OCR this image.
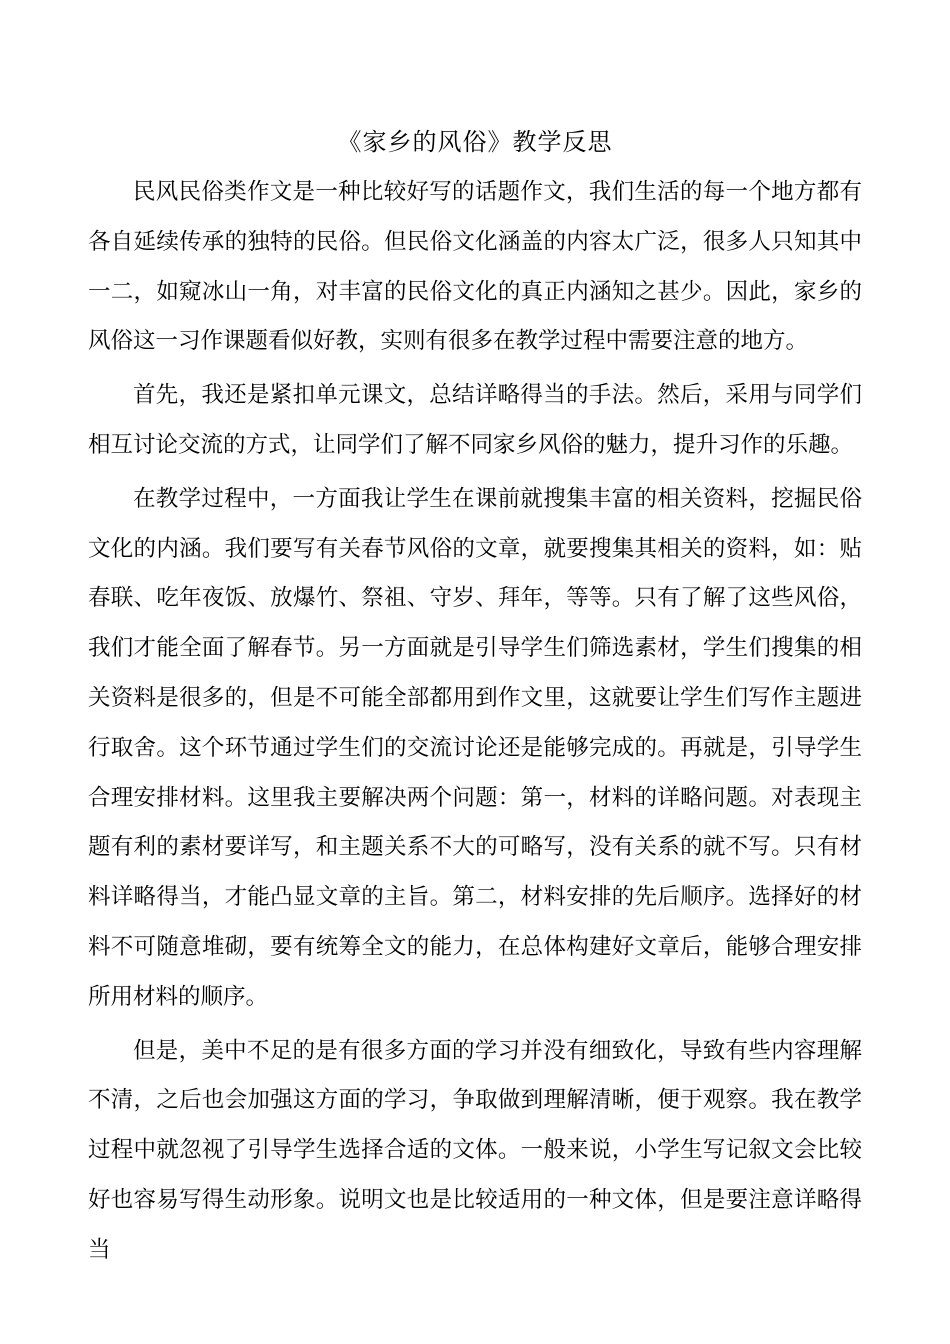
《家乡的风俗》教学反思

民风民俗类作文是一种比较好写的话题作文，我们生活的每一个地方都有各自延续传承的独特的民俗。但民俗文化涵盖的内容太广泛，很多人只知其中一二，如窥冰山一角，对丰富的民俗文化的真正内涵知之甚少。因此，家乡的风俗这一习作课题看似好教，实则有很多在教学过程中需要注意的地方。

首先，我还是紧扣单元课文，总结详略得当的手法。然后，采用与同学们相互讨论交流的方式，让同学们了解不同家乡风俗的魅力，提升习作的乐趣。

在教学过程中，一方面我让学生在课前就搜集丰富的相关资料，挖掘民俗文化的内涵。我们要写有关春节风俗的文章，就要搜集其相关的资料，如：贴春联、吃年夜饭、放爆竹、祭祖、守岁、拜年，等等。只有了解了这些风俗，我们才能全面了解春节。另一方面就是引导学生们筛选素材，学生们搜集的相关资料是很多的，但是不可能全部都用到作文里，这就要让学生们写作主题进行取舍。这个环节通过学生们的交流讨论还是能够完成的。再就是，引导学生合理安排材料。这里我主要解决两个问题：第一，材料的详略问题。对表现主题有利的素材要详写，和主题关系不大的可略写，没有关系的就不写。只有材料详略得当，才能凸显文章的主旨。第二，材料安排的先后顺序。选择好的材料不可随意堆砌，要有统筹全文的能力，在总体构建好文章后，能够合理安排所用材料的顺序。

但是，美中不足的是有很多方面的学习并没有细致化，导致有些内容理解不清，之后也会加强这方面的学习，争取做到理解清晰，便于观察。我在教学过程中就忽视了引导学生选择合适的文体。一般来说，小学生写记叙文会比较好也容易写得生动形象。说明文也是比较适用的一种文体，但是要注意详略得当
